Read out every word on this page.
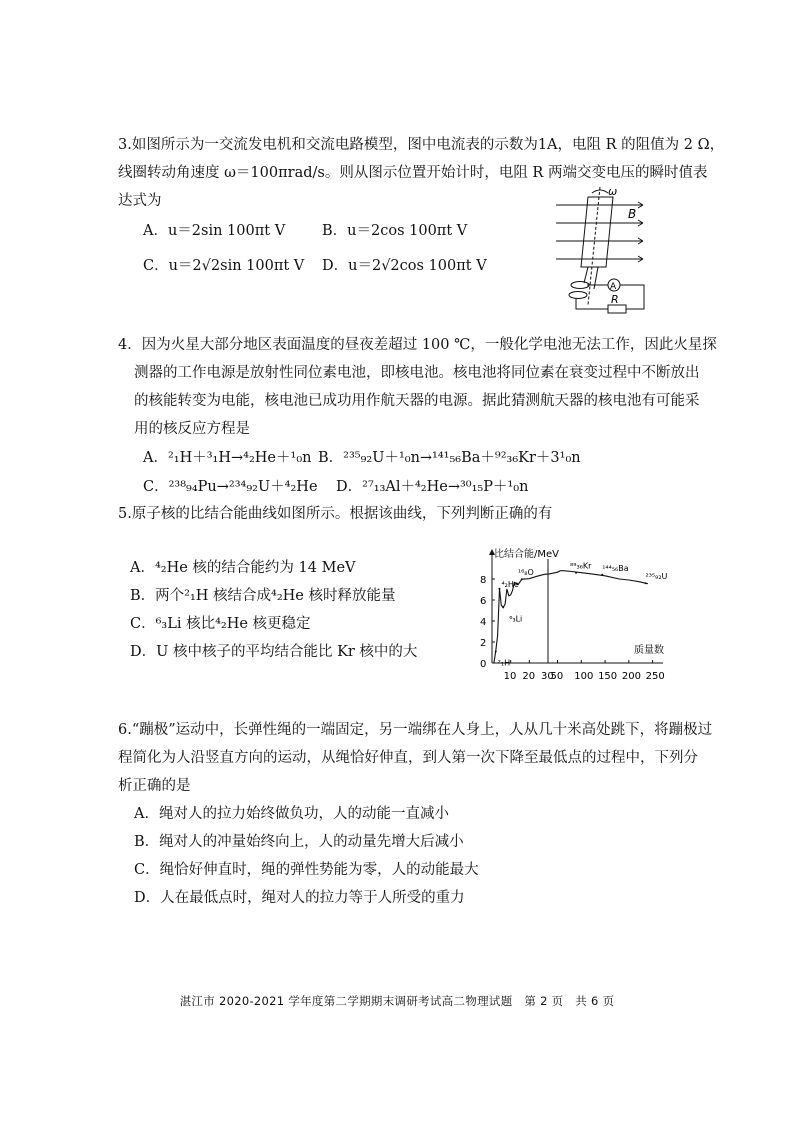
3.如图所示为一交流发电机和交流电路模型，图中电流表的示数为1A，电阻 R 的阻值为 2 Ω，
线圈转动角速度 ω＝100πrad/s。则从图示位置开始计时，电阻 R 两端交变电压的瞬时值表
达式为
A．u＝2sin 100πt V	B．u＝2cos 100πt V
C．u＝2√2sin 100πt V D．u＝2√2cos 100πt V
ω
B
A
R
4．因为火星大部分地区表面温度的昼夜差超过 100 ℃，一般化学电池无法工作，因此火星探
测器的工作电源是放射性同位素电池，即核电池。核电池将同位素在衰变过程中不断放出
的核能转变为电能，核电池已成功用作航天器的电源。据此猜测航天器的核电池有可能采
用的核反应方程是
A．²₁H＋³₁H→⁴₂He＋¹₀n B．²³⁵₉₂U＋¹₀n→¹⁴¹₅₆Ba＋⁹²₃₆Kr＋3¹₀n
C．²³⁸₉₄Pu→²³⁴₉₂U＋⁴₂He D．²⁷₁₃Al＋⁴₂He→³⁰₁₅P＋¹₀n
5.原子核的比结合能曲线如图所示。根据该曲线，下列判断正确的有
A．⁴₂He 核的结合能约为 14 MeV
B．两个²₁H 核结合成⁴₂He 核时释放能量
C．⁶₃Li 核比⁴₂He 核更稳定
D．U 核中核子的平均结合能比 Kr 核中的大
比结合能/MeV
质量数
0
2
4
6
8
10 20 30
50 100 150 200 250
²₁H
⁴₂He
⁶₃Li
¹⁶₈O
⁸⁹₃₆Kr ¹⁴⁴₅₆Ba
²³⁵₉₂U
6.“蹦极”运动中，长弹性绳的一端固定，另一端绑在人身上，人从几十米高处跳下，将蹦极过
程简化为人沿竖直方向的运动，从绳恰好伸直，到人第一次下降至最低点的过程中，下列分
析正确的是
A．绳对人的拉力始终做负功，人的动能一直减小
B．绳对人的冲量始终向上，人的动量先增大后减小
C．绳恰好伸直时，绳的弹性势能为零，人的动能最大
D．人在最低点时，绳对人的拉力等于人所受的重力
湛江市 2020-2021 学年度第二学期期末调研考试高二物理试题　第 2 页　共 6 页
